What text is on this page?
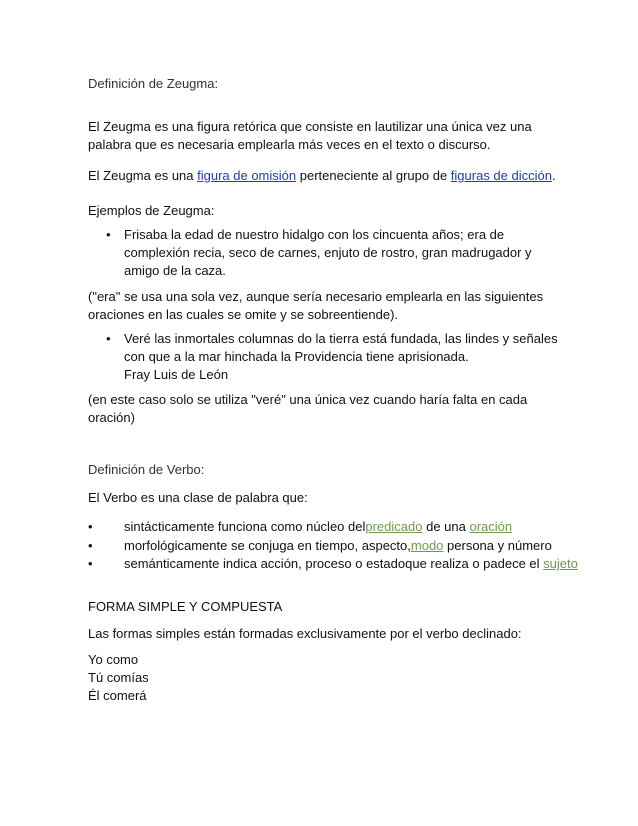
Definición de Zeugma:

El Zeugma es una figura retórica que consiste en lautilizar una única vez una
palabra que es necesaria emplearla más veces en el texto o discurso.

El Zeugma es una figura de omisión perteneciente al grupo de figuras de dicción.

Ejemplos de Zeugma:

• Frisaba la edad de nuestro hidalgo con los cincuenta años; era de
complexión recia, seco de carnes, enjuto de rostro, gran madrugador y
amigo de la caza.
("era" se usa una sola vez, aunque sería necesario emplearla en las siguientes
oraciones en las cuales se omite y se sobreentiende).
• Veré las inmortales columnas do la tierra está fundada, las lindes y señales
con que a la mar hinchada la Providencia tiene aprisionada.
Fray Luis de León
(en este caso solo se utiliza "veré" una única vez cuando haría falta en cada
oración)

Definición de Verbo:

El Verbo es una clase de palabra que:

• sintácticamente funciona como núcleo delpredicado de una oración
• morfológicamente se conjuga en tiempo, aspecto,modo persona y número
• semánticamente indica acción, proceso o estadoque realiza o padece el sujeto

FORMA SIMPLE Y COMPUESTA

Las formas simples están formadas exclusivamente por el verbo declinado:

Yo como
Tú comías
Él comerá
